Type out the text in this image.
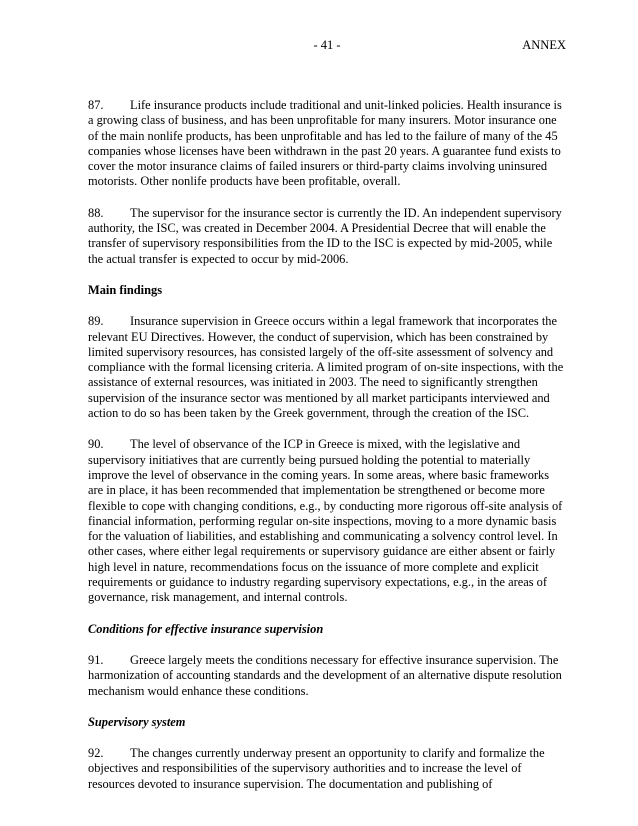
- 41 -	ANNEX

87. Life insurance products include traditional and unit-linked policies. Health insurance is a growing class of business, and has been unprofitable for many insurers. Motor insurance one of the main nonlife products, has been unprofitable and has led to the failure of many of the 45 companies whose licenses have been withdrawn in the past 20 years. A guarantee fund exists to cover the motor insurance claims of failed insurers or third-party claims involving uninsured motorists. Other nonlife products have been profitable, overall.

88. The supervisor for the insurance sector is currently the ID. An independent supervisory authority, the ISC, was created in December 2004. A Presidential Decree that will enable the transfer of supervisory responsibilities from the ID to the ISC is expected by mid-2005, while the actual transfer is expected to occur by mid-2006.

Main findings

89. Insurance supervision in Greece occurs within a legal framework that incorporates the relevant EU Directives. However, the conduct of supervision, which has been constrained by limited supervisory resources, has consisted largely of the off-site assessment of solvency and compliance with the formal licensing criteria. A limited program of on-site inspections, with the assistance of external resources, was initiated in 2003. The need to significantly strengthen supervision of the insurance sector was mentioned by all market participants interviewed and action to do so has been taken by the Greek government, through the creation of the ISC.

90. The level of observance of the ICP in Greece is mixed, with the legislative and supervisory initiatives that are currently being pursued holding the potential to materially improve the level of observance in the coming years. In some areas, where basic frameworks are in place, it has been recommended that implementation be strengthened or become more flexible to cope with changing conditions, e.g., by conducting more rigorous off-site analysis of financial information, performing regular on-site inspections, moving to a more dynamic basis for the valuation of liabilities, and establishing and communicating a solvency control level. In other cases, where either legal requirements or supervisory guidance are either absent or fairly high level in nature, recommendations focus on the issuance of more complete and explicit requirements or guidance to industry regarding supervisory expectations, e.g., in the areas of governance, risk management, and internal controls.

Conditions for effective insurance supervision

91. Greece largely meets the conditions necessary for effective insurance supervision. The harmonization of accounting standards and the development of an alternative dispute resolution mechanism would enhance these conditions.

Supervisory system

92. The changes currently underway present an opportunity to clarify and formalize the objectives and responsibilities of the supervisory authorities and to increase the level of resources devoted to insurance supervision. The documentation and publishing of
